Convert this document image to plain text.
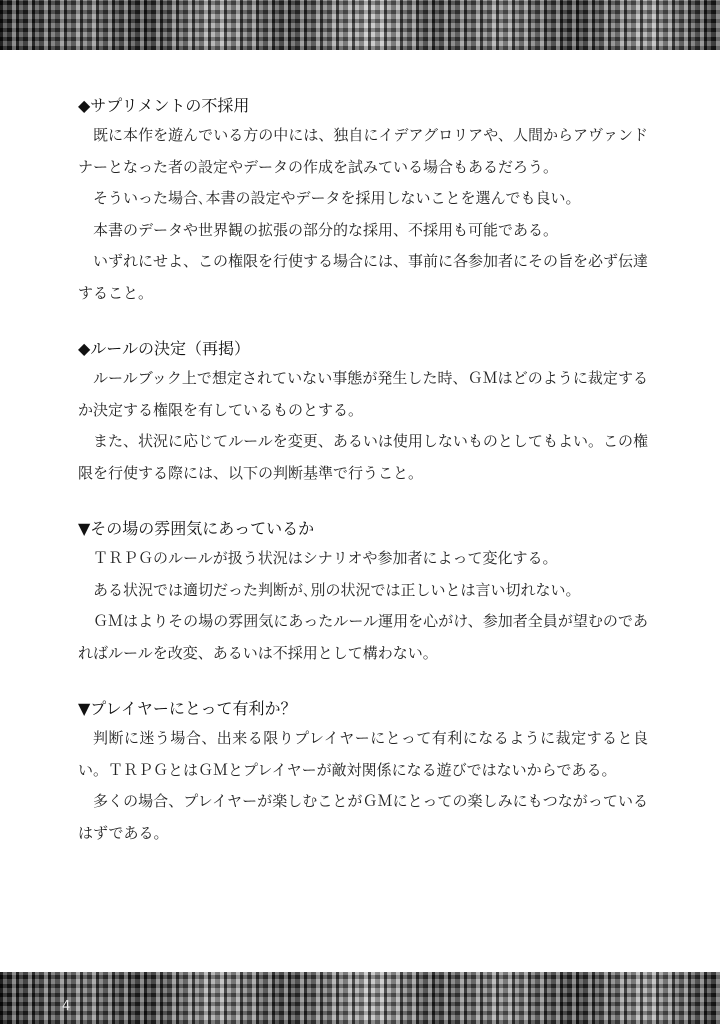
◆サプリメントの不採用

既に本作を遊んでいる方の中には、独自にイデアグロリアや、人間からアヴァンドナーとなった者の設定やデータの作成を試みている場合もあるだろう。

そういった場合､本書の設定やデータを採用しないことを選んでも良い｡

本書のデータや世界観の拡張の部分的な採用、不採用も可能である。

いずれにせよ、この権限を行使する場合には、事前に各参加者にその旨を必ず伝達すること。

◆ルールの決定（再掲）

ルールブック上で想定されていない事態が発生した時、ＧＭはどのように裁定するか決定する権限を有しているものとする。

また、状況に応じてルールを変更、あるいは使用しないものとしてもよい。この権限を行使する際には、以下の判断基準で行うこと。

▼その場の雰囲気にあっているか

ＴＲＰＧのルールが扱う状況はシナリオや参加者によって変化する。

ある状況では適切だった判断が､別の状況では正しいとは言い切れない｡

ＧＭはよりその場の雰囲気にあったルール運用を心がけ、参加者全員が望むのであればルールを改変、あるいは不採用として構わない。

▼プレイヤーにとって有利か？

判断に迷う場合、出来る限りプレイヤーにとって有利になるように裁定すると良い。ＴＲＰＧとはＧＭとプレイヤーが敵対関係になる遊びではないからである。

多くの場合、プレイヤーが楽しむことがＧＭにとっての楽しみにもつながっているはずである。

4
